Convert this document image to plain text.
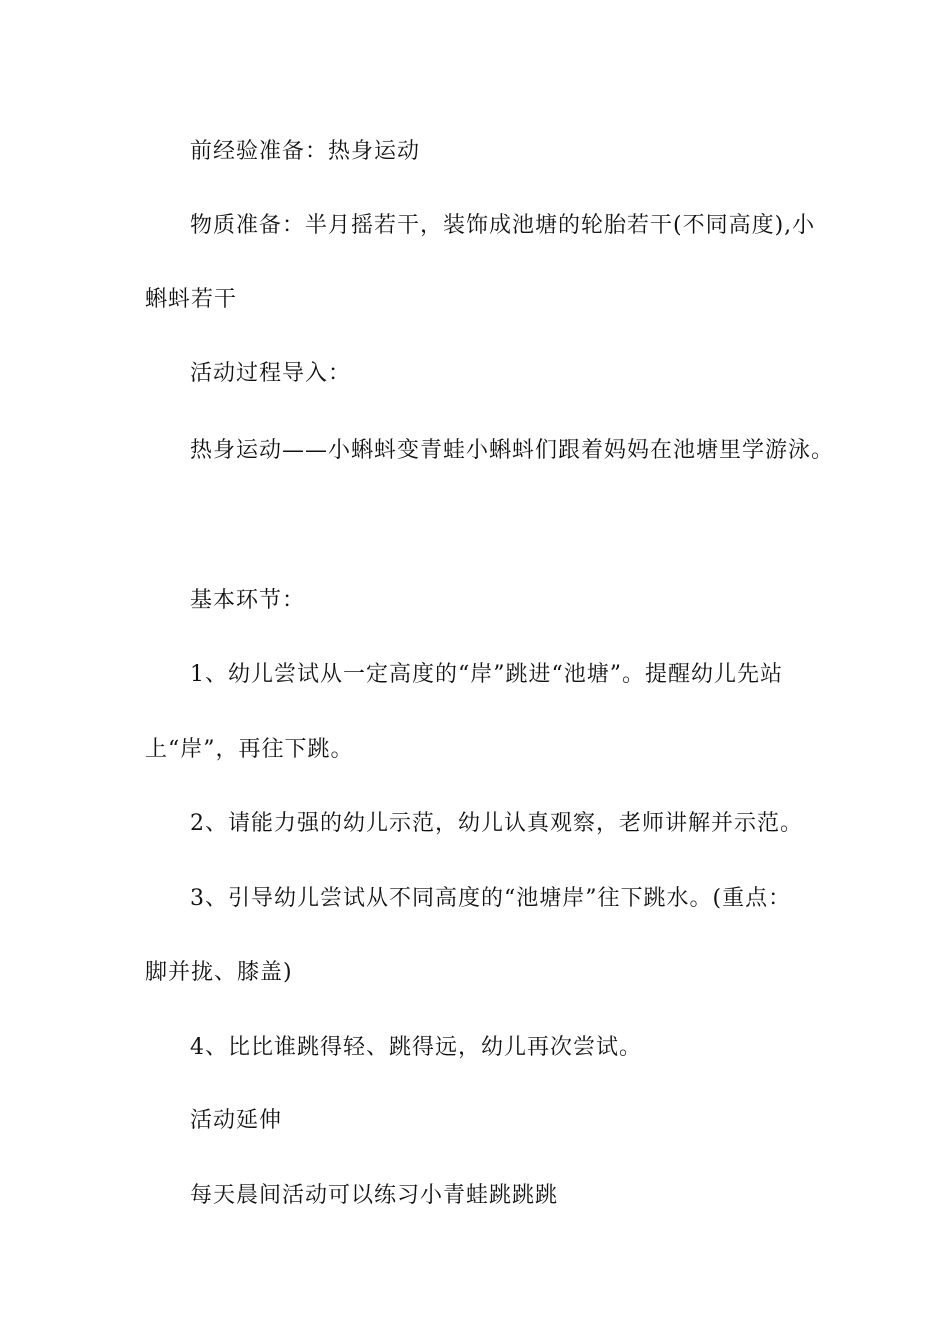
前经验准备：热身运动
物质准备：半月摇若干，装饰成池塘的轮胎若干(不同高度),小
蝌蚪若干
活动过程导入：
热身运动——小蝌蚪变青蛙小蝌蚪们跟着妈妈在池塘里学游泳。
基本环节：
1、幼儿尝试从一定高度的“岸”跳进“池塘”。提醒幼儿先站
上“岸”，再往下跳。
2、请能力强的幼儿示范，幼儿认真观察，老师讲解并示范。
3、引导幼儿尝试从不同高度的“池塘岸”往下跳水。(重点：
脚并拢、膝盖)
4、比比谁跳得轻、跳得远，幼儿再次尝试。
活动延伸
每天晨间活动可以练习小青蛙跳跳跳
